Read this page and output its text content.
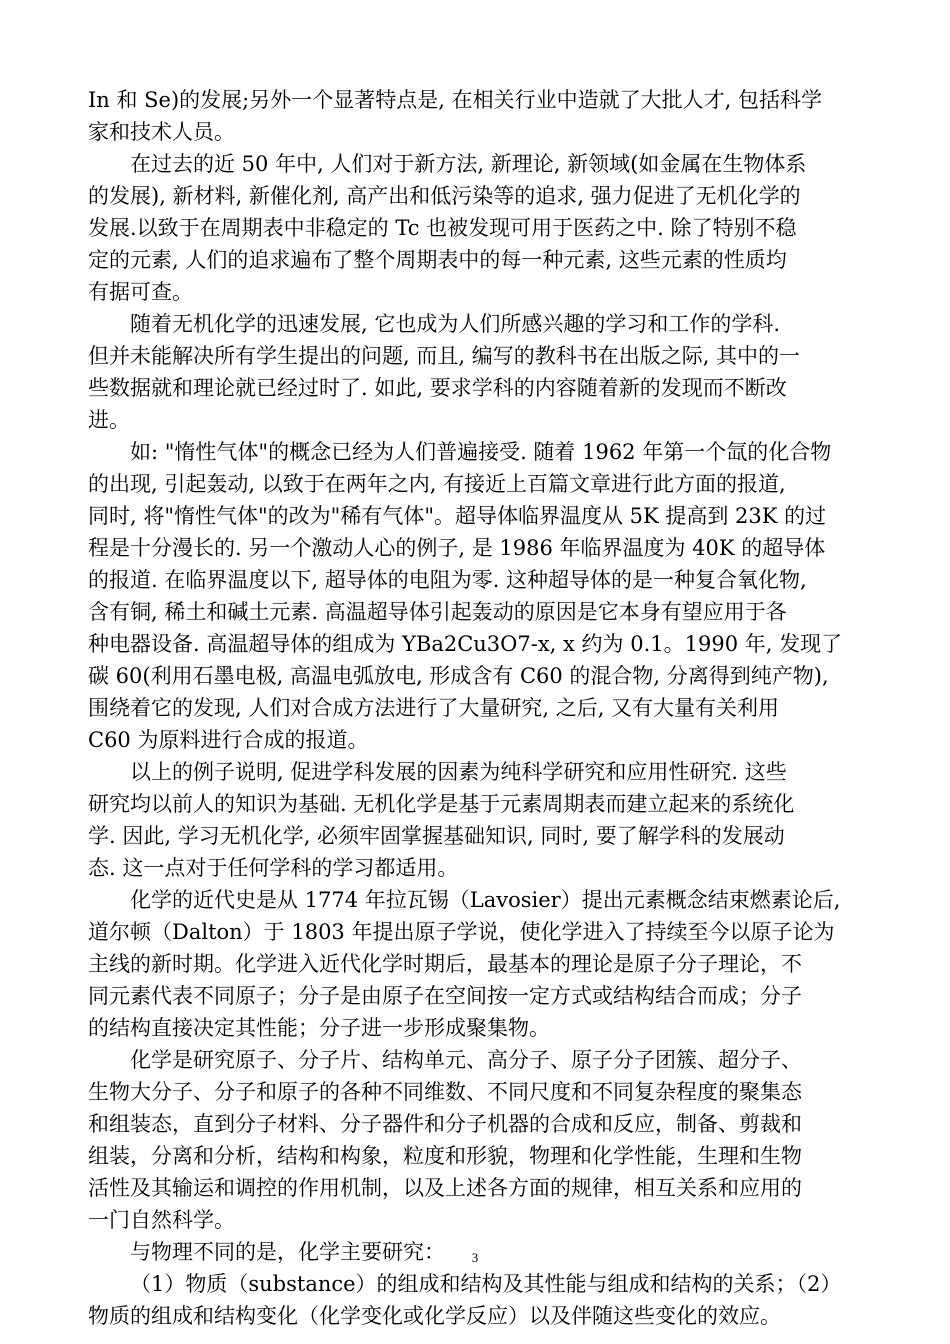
In 和 Se)的发展;另外一个显著特点是, 在相关行业中造就了大批人才, 包括科学
家和技术人员。
在过去的近 50 年中, 人们对于新方法, 新理论, 新领域(如金属在生物体系
的发展), 新材料, 新催化剂, 高产出和低污染等的追求, 强力促进了无机化学的
发展.以致于在周期表中非稳定的 Tc 也被发现可用于医药之中. 除了特别不稳
定的元素, 人们的追求遍布了整个周期表中的每一种元素, 这些元素的性质均
有据可查。
随着无机化学的迅速发展, 它也成为人们所感兴趣的学习和工作的学科.
但并未能解决所有学生提出的问题, 而且, 编写的教科书在出版之际, 其中的一
些数据就和理论就已经过时了. 如此, 要求学科的内容随着新的发现而不断改
进。
如: "惰性气体"的概念已经为人们普遍接受. 随着 1962 年第一个氙的化合物
的出现, 引起轰动, 以致于在两年之内, 有接近上百篇文章进行此方面的报道,
同时, 将"惰性气体"的改为"稀有气体"。超导体临界温度从 5K 提高到 23K 的过
程是十分漫长的. 另一个激动人心的例子, 是 1986 年临界温度为 40K 的超导体
的报道. 在临界温度以下, 超导体的电阻为零. 这种超导体的是一种复合氧化物,
含有铜, 稀土和碱土元素. 高温超导体引起轰动的原因是它本身有望应用于各
种电器设备. 高温超导体的组成为 YBa2Cu3O7-x, x 约为 0.1。1990 年, 发现了
碳 60(利用石墨电极, 高温电弧放电, 形成含有 C60 的混合物, 分离得到纯产物),
围绕着它的发现, 人们对合成方法进行了大量研究, 之后, 又有大量有关利用
C60 为原料进行合成的报道。
以上的例子说明, 促进学科发展的因素为纯科学研究和应用性研究. 这些
研究均以前人的知识为基础. 无机化学是基于元素周期表而建立起来的系统化
学. 因此, 学习无机化学, 必须牢固掌握基础知识, 同时, 要了解学科的发展动
态. 这一点对于任何学科的学习都适用。
化学的近代史是从 1774 年拉瓦锡（Lavosier）提出元素概念结束燃素论后,
道尔顿（Dalton）于 1803 年提出原子学说，使化学进入了持续至今以原子论为
主线的新时期。化学进入近代化学时期后，最基本的理论是原子分子理论，不
同元素代表不同原子；分子是由原子在空间按一定方式或结构结合而成；分子
的结构直接决定其性能；分子进一步形成聚集物。
化学是研究原子、分子片、结构单元、高分子、原子分子团簇、超分子、
生物大分子、分子和原子的各种不同维数、不同尺度和不同复杂程度的聚集态
和组装态，直到分子材料、分子器件和分子机器的合成和反应，制备、剪裁和
组装，分离和分析，结构和构象，粒度和形貌，物理和化学性能，生理和生物
活性及其输运和调控的作用机制，以及上述各方面的规律，相互关系和应用的
一门自然科学。
与物理不同的是，化学主要研究：
（1）物质（substance）的组成和结构及其性能与组成和结构的关系；（2）
物质的组成和结构变化（化学变化或化学反应）以及伴随这些变化的效应。
3
